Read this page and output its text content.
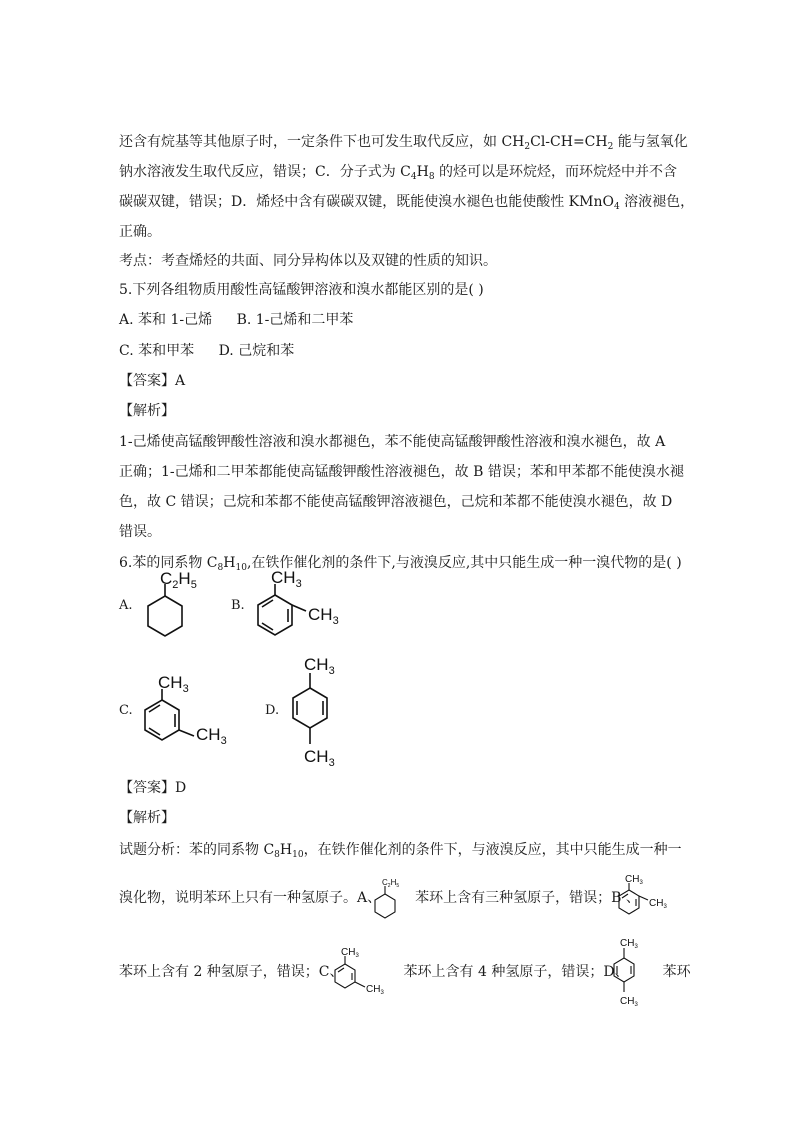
还含有烷基等其他原子时，一定条件下也可发生取代反应，如 $CH_2Cl-CH=CH_2$ 能与氢氧化
钠水溶液发生取代反应，错误；C．分子式为 $C_4H_8$ 的烃可以是环烷烃，而环烷烃中并不含
碳碳双键，错误；D．烯烃中含有碳碳双键，既能使溴水褪色也能使酸性 KMnO$_4$ 溶液褪色，
正确。
考点：考查烯烃的共面、同分异构体以及双键的性质的知识。
5.下列各组物质用酸性高锰酸钾溶液和溴水都能区别的是( )
A. 苯和 1-己烯 B. 1-己烯和二甲苯
C. 苯和甲苯 D. 己烷和苯
【答案】A
【解析】
1-己烯使高锰酸钾酸性溶液和溴水都褪色，苯不能使高锰酸钾酸性溶液和溴水褪色，故 A
正确；1-己烯和二甲苯都能使高锰酸钾酸性溶液褪色，故 B 错误；苯和甲苯都不能使溴水褪
色，故 C 错误；己烷和苯都不能使高锰酸钾溶液褪色，己烷和苯都不能使溴水褪色，故 D
错误。
6.苯的同系物 $C_8H_{10}$,在铁作催化剂的条件下,与液溴反应,其中只能生成一种一溴代物的是( )
A.	B.
C.	D.
$C_2H_5$	$CH_3$
$CH_3$
$CH_3$
$CH_3$
$CH_3$
$CH_3$
【答案】D
【解析】
试题分析：苯的同系物 $C_8H_{10}$，在铁作催化剂的条件下，与液溴反应，其中只能生成一种一
溴化物，说明苯环上只有一种氢原子。A、 苯环上含有三种氢原子，错误；B 、
$C_2H_5$
$CH_3$
$CH_3$
苯环上含有 2 种氢原子，错误；C、	苯环上含有 4 种氢原子，错误；D、 苯环
$CH_3$
$CH_3$
$CH_3$
$CH_3$
